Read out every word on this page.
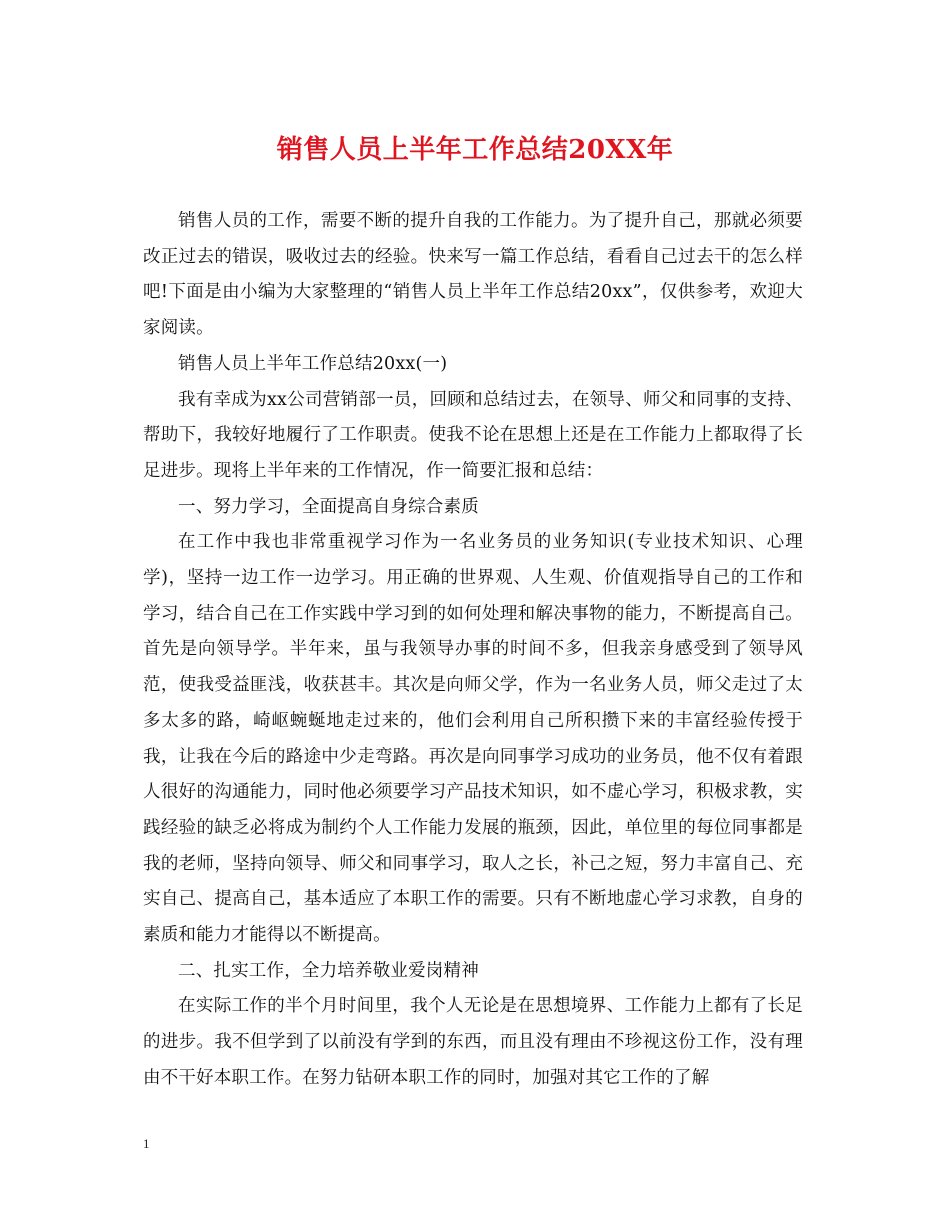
销售人员上半年工作总结20XX年

销售人员的工作，需要不断的提升自我的工作能力。为了提升自己，那就必须要改正过去的错误，吸收过去的经验。快来写一篇工作总结，看看自己过去干的怎么样吧!下面是由小编为大家整理的“销售人员上半年工作总结20xx”，仅供参考，欢迎大家阅读。

销售人员上半年工作总结20xx(一)

我有幸成为xx公司营销部一员，回顾和总结过去，在领导、师父和同事的支持、帮助下，我较好地履行了工作职责。使我不论在思想上还是在工作能力上都取得了长足进步。现将上半年来的工作情况，作一简要汇报和总结：

一、努力学习，全面提高自身综合素质

在工作中我也非常重视学习作为一名业务员的业务知识(专业技术知识、心理学)，坚持一边工作一边学习。用正确的世界观、人生观、价值观指导自己的工作和学习，结合自己在工作实践中学习到的如何处理和解决事物的能力，不断提高自己。首先是向领导学。半年来，虽与我领导办事的时间不多，但我亲身感受到了领导风范，使我受益匪浅，收获甚丰。其次是向师父学，作为一名业务人员，师父走过了太多太多的路，崎岖蜿蜒地走过来的，他们会利用自己所积攒下来的丰富经验传授于我，让我在今后的路途中少走弯路。再次是向同事学习成功的业务员，他不仅有着跟人很好的沟通能力，同时他必须要学习产品技术知识，如不虚心学习，积极求教，实践经验的缺乏必将成为制约个人工作能力发展的瓶颈，因此，单位里的每位同事都是我的老师，坚持向领导、师父和同事学习，取人之长，补己之短，努力丰富自己、充实自己、提高自己，基本适应了本职工作的需要。只有不断地虚心学习求教，自身的素质和能力才能得以不断提高。

二、扎实工作，全力培养敬业爱岗精神

在实际工作的半个月时间里，我个人无论是在思想境界、工作能力上都有了长足的进步。我不但学到了以前没有学到的东西，而且没有理由不珍视这份工作，没有理由不干好本职工作。在努力钻研本职工作的同时，加强对其它工作的了解

1
